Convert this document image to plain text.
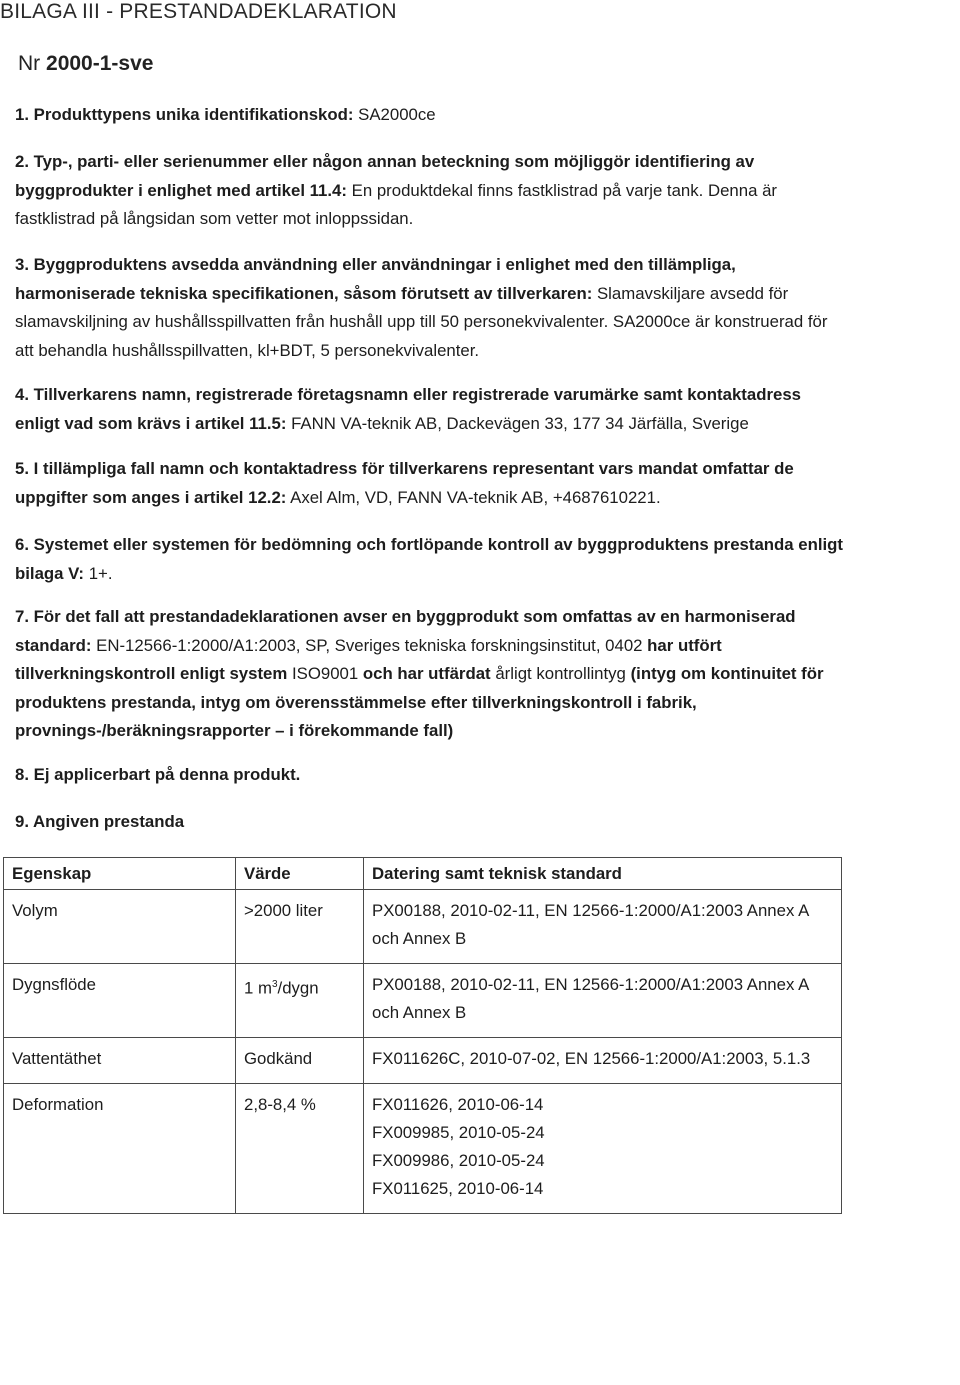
BILAGA III - PRESTANDADEKLARATION
Nr 2000-1-sve
1. Produkttypens unika identifikationskod: SA2000ce
2. Typ-, parti- eller serienummer eller någon annan beteckning som möjliggör identifiering av byggprodukter i enlighet med artikel 11.4: En produktdekal finns fastklistrad på varje tank. Denna är fastklistrad på långsidan som vetter mot inloppssidan.
3. Byggproduktens avsedda användning eller användningar i enlighet med den tillämpliga, harmoniserade tekniska specifikationen, såsom förutsett av tillverkaren: Slamavskiljare avsedd för slamavskiljning av hushållsspillvatten från hushåll upp till 50 personekvivalenter. SA2000ce är konstruerad för att behandla hushållsspillvatten, kl+BDT, 5 personekvivalenter.
4. Tillverkarens namn, registrerade företagsnamn eller registrerade varumärke samt kontaktadress enligt vad som krävs i artikel 11.5: FANN VA-teknik AB, Dackevägen 33, 177 34 Järfälla, Sverige
5. I tillämpliga fall namn och kontaktadress för tillverkarens representant vars mandat omfattar de uppgifter som anges i artikel 12.2: Axel Alm, VD, FANN VA-teknik AB, +4687610221.
6. Systemet eller systemen för bedömning och fortlöpande kontroll av byggproduktens prestanda enligt bilaga V: 1+.
7. För det fall att prestandadeklarationen avser en byggprodukt som omfattas av en harmoniserad standard: EN-12566-1:2000/A1:2003, SP, Sveriges tekniska forskningsinstitut, 0402 har utfört tillverkningskontroll enligt system ISO9001 och har utfärdat årligt kontrollintyg (intyg om kontinuitet för produktens prestanda, intyg om överensstämmelse efter tillverkningskontroll i fabrik, provnings-/beräkningsrapporter – i förekommande fall)
8. Ej applicerbart på denna produkt.
9. Angiven prestanda
Egenskap	Värde	Datering samt teknisk standard
Volym	>2000 liter	PX00188, 2010-02-11, EN 12566-1:2000/A1:2003 Annex A och Annex B
Dygnsflöde	1 $m^3$/dygn	PX00188, 2010-02-11, EN 12566-1:2000/A1:2003 Annex A och Annex B
Vattentäthet	Godkänd	FX011626C, 2010-07-02, EN 12566-1:2000/A1:2003, 5.1.3
Deformation	2,8-8,4 %	FX011626, 2010-06-14
FX009985, 2010-05-24
FX009986, 2010-05-24
FX011625, 2010-06-14
